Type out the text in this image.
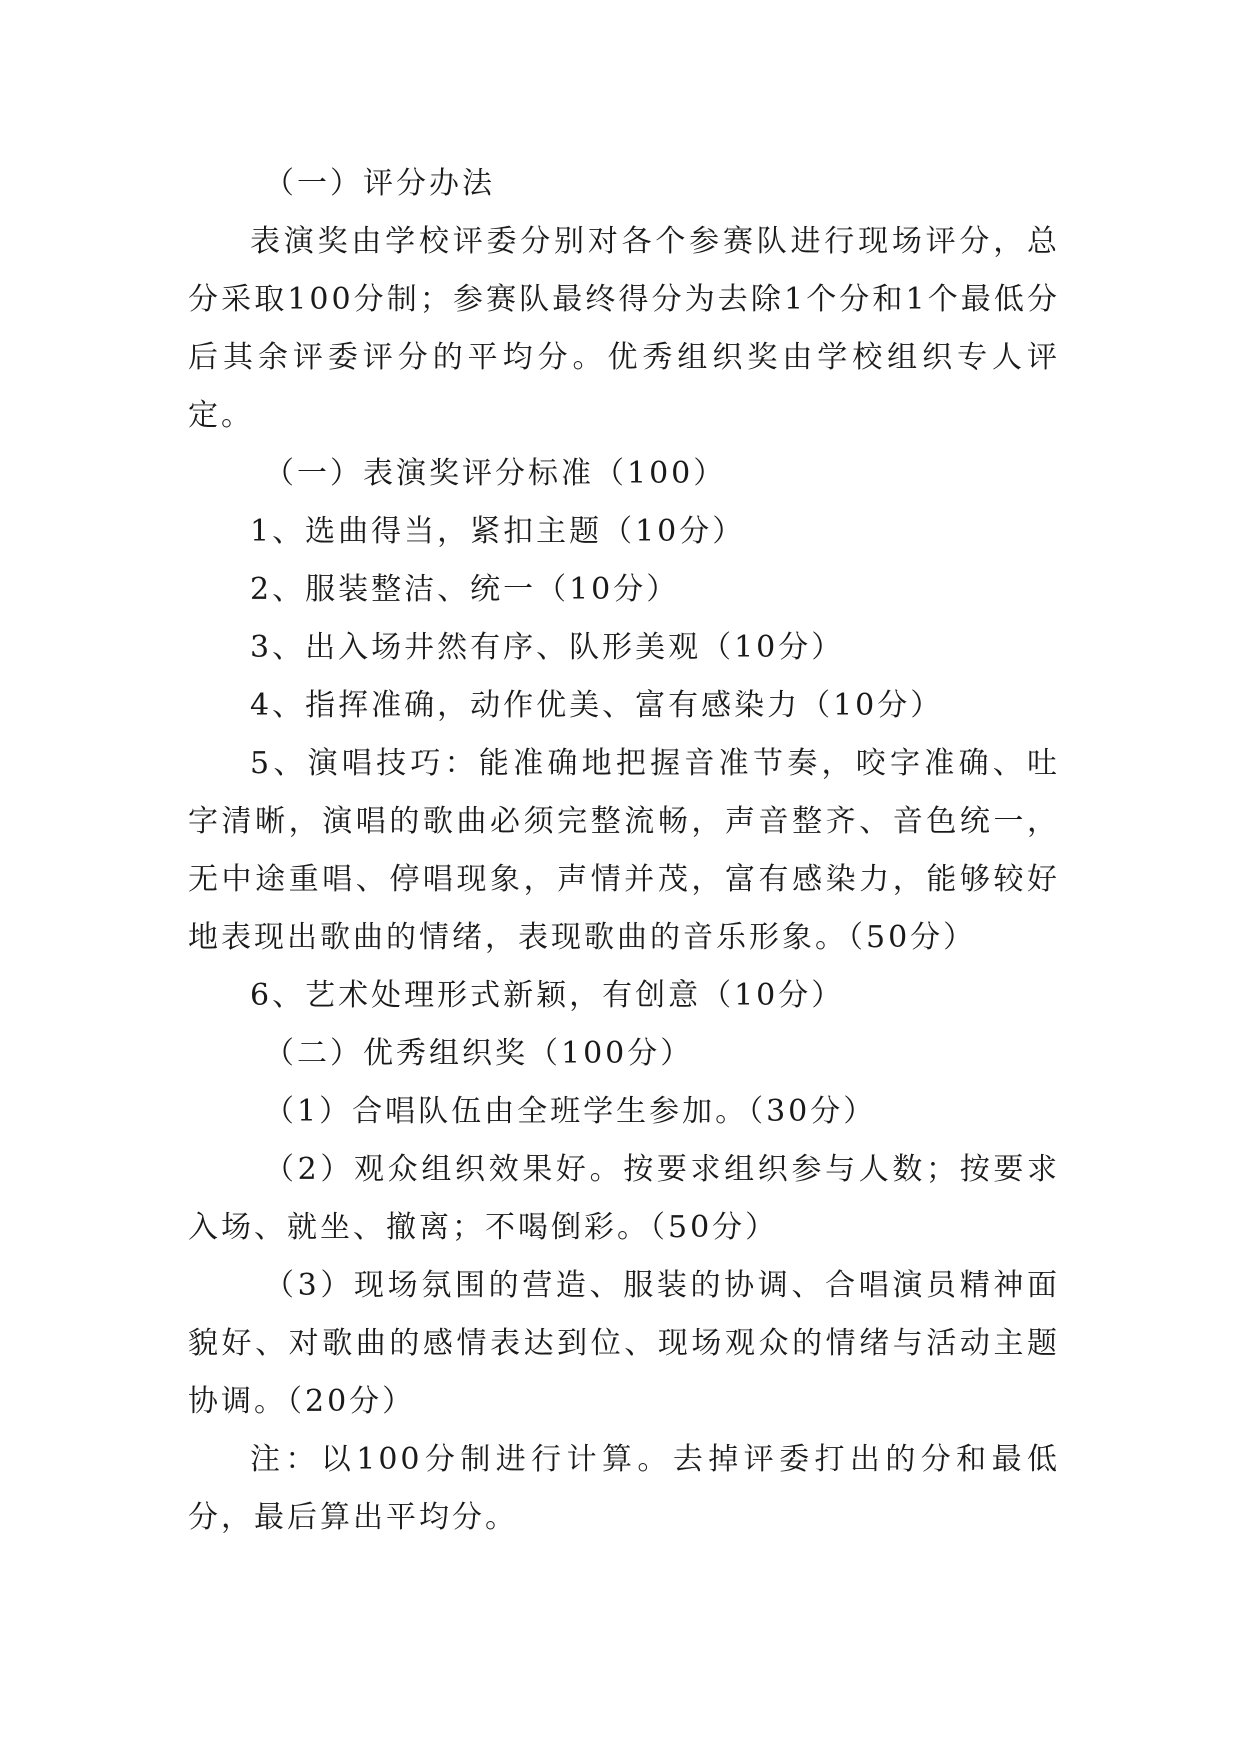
（一）评分办法

表演奖由学校评委分别对各个参赛队进行现场评分，总分采取100分制；参赛队最终得分为去除1个分和1个最低分后其余评委评分的平均分。优秀组织奖由学校组织专人评定。

（一）表演奖评分标准（100）

1、选曲得当，紧扣主题（10分）

2、服装整洁、统一（10分）

3、出入场井然有序、队形美观（10分）

4、指挥准确，动作优美、富有感染力（10分）

5、演唱技巧：能准确地把握音准节奏，咬字准确、吐字清晰，演唱的歌曲必须完整流畅，声音整齐、音色统一，无中途重唱、停唱现象，声情并茂，富有感染力，能够较好地表现出歌曲的情绪，表现歌曲的音乐形象。（50分）

6、艺术处理形式新颖，有创意（10分）

（二）优秀组织奖（100分）

（1）合唱队伍由全班学生参加。（30分）

（2）观众组织效果好。按要求组织参与人数；按要求入场、就坐、撤离；不喝倒彩。（50分）

（3）现场氛围的营造、服装的协调、合唱演员精神面貌好、对歌曲的感情表达到位、现场观众的情绪与活动主题协调。（20分）

注：以100分制进行计算。去掉评委打出的分和最低分，最后算出平均分。
